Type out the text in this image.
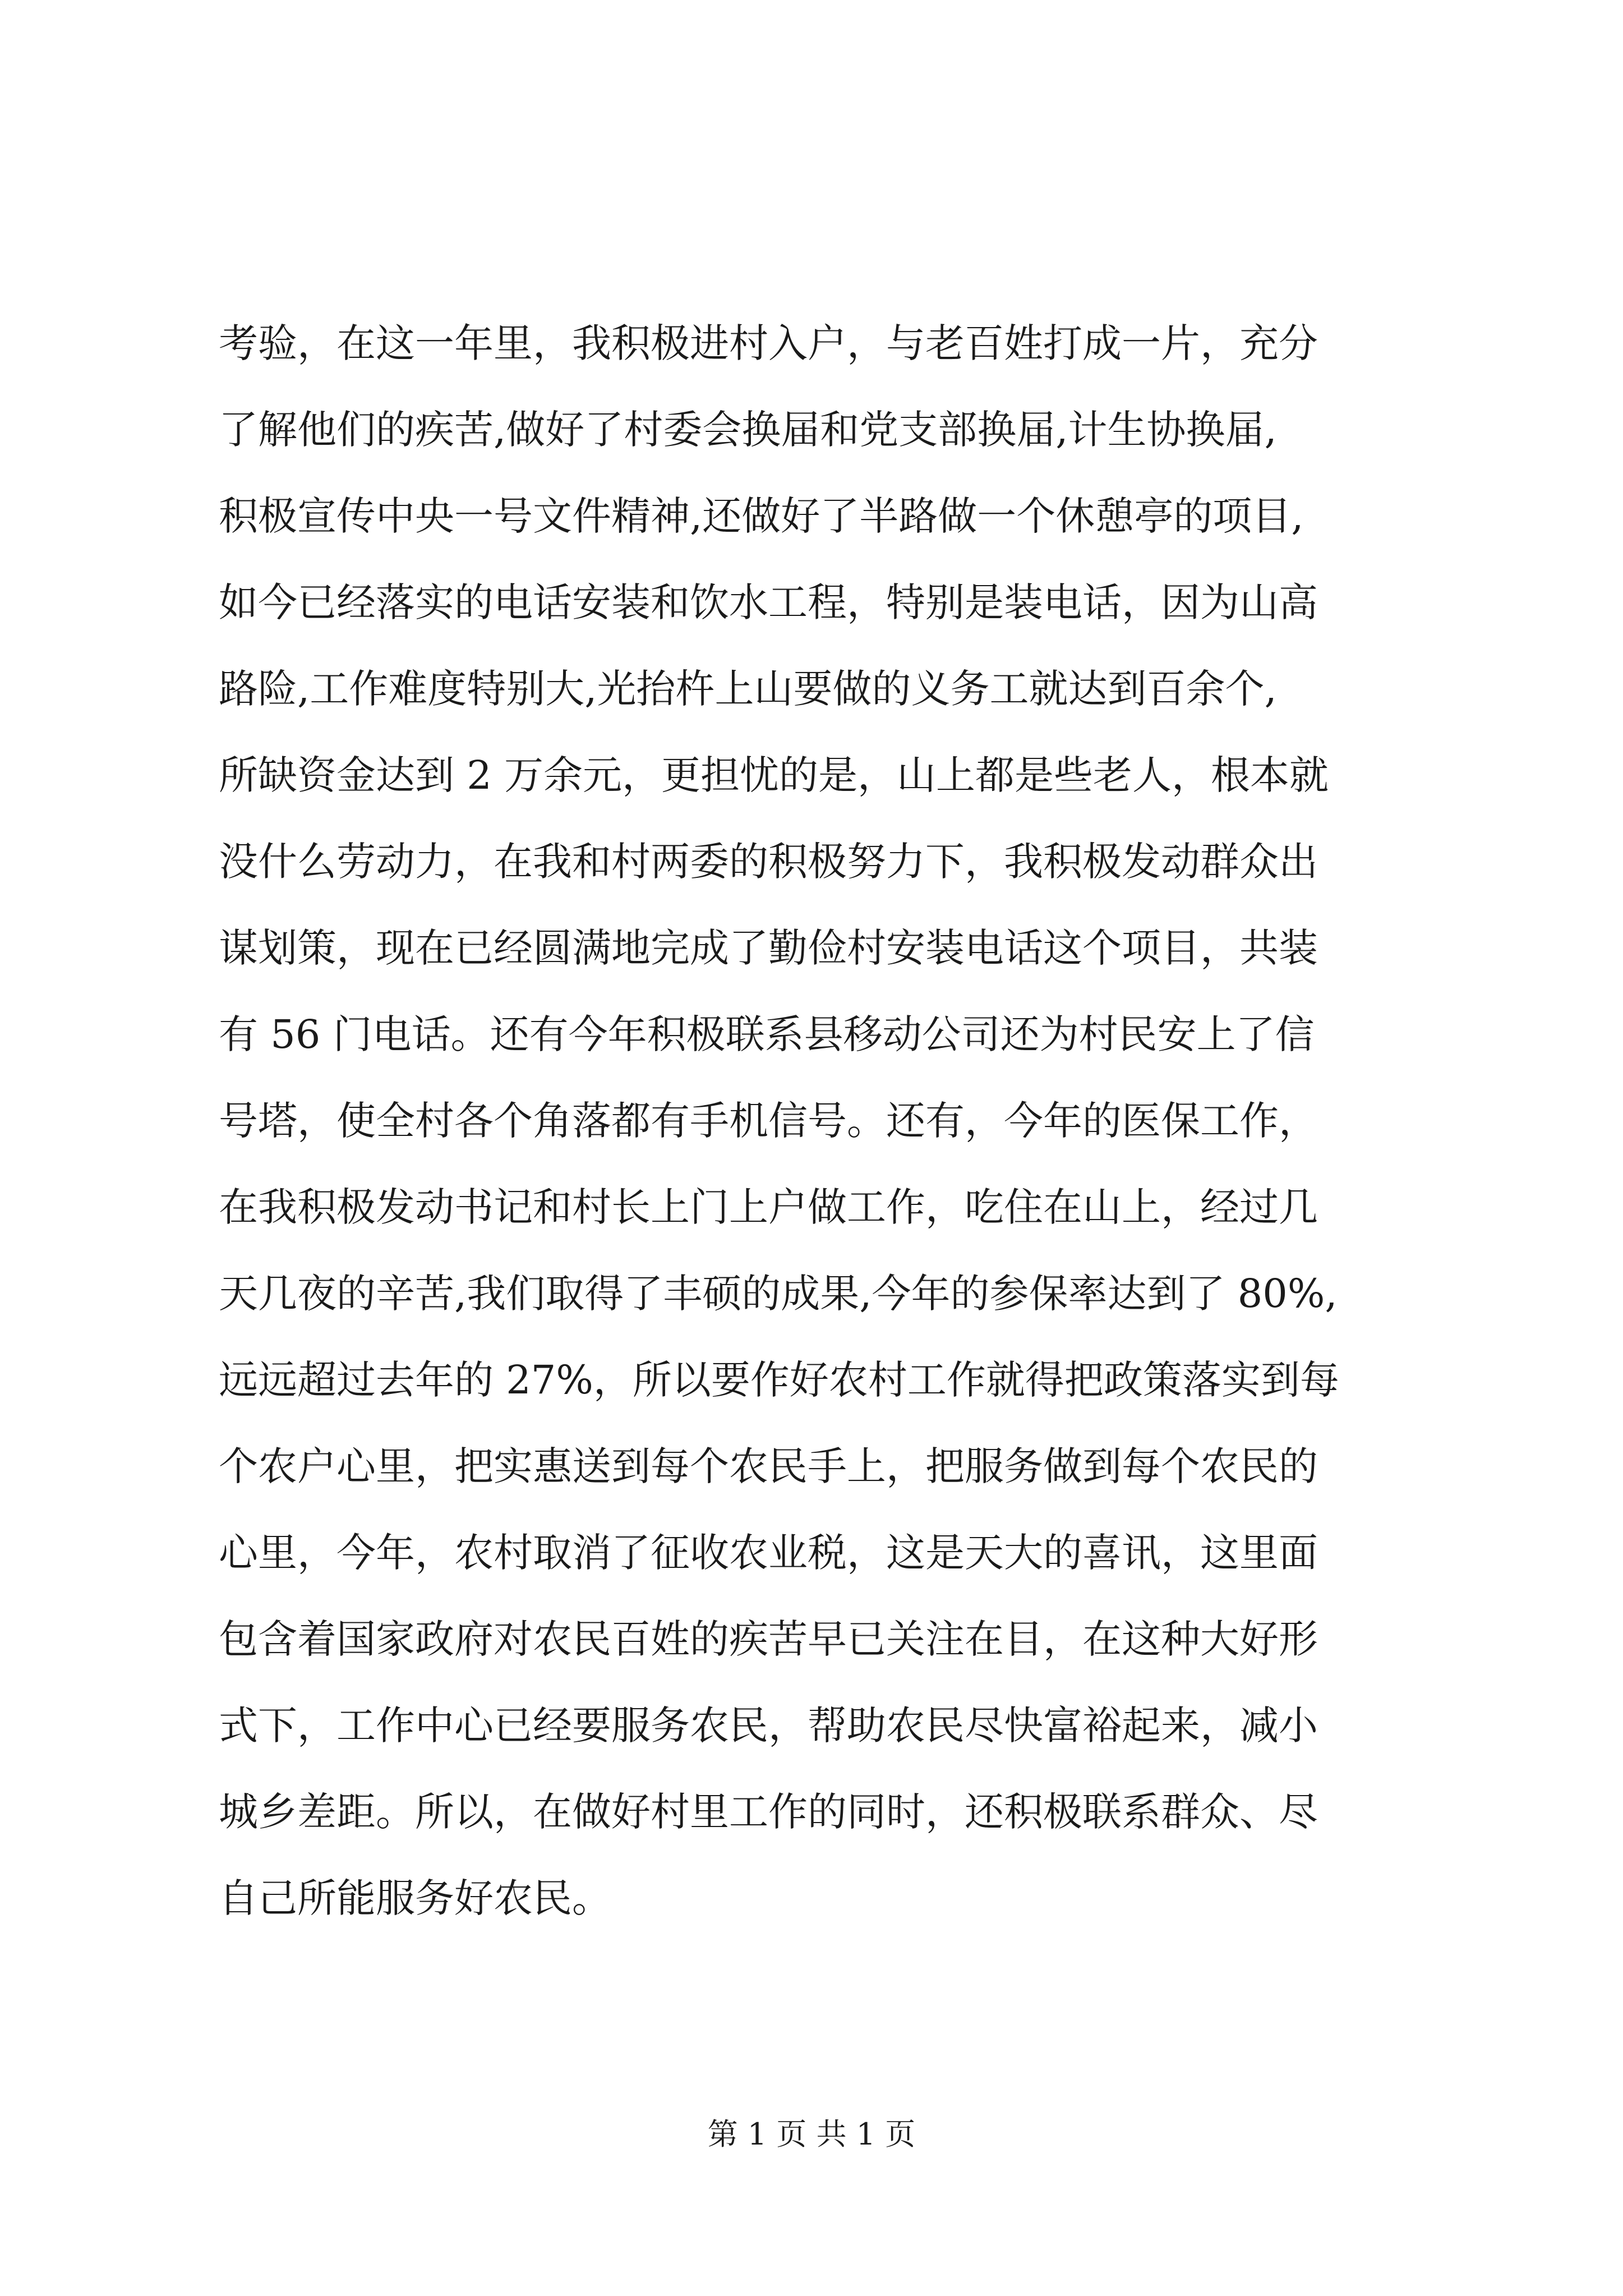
考验，在这一年里，我积极进村入户，与老百姓打成一片，充分
了解他们的疾苦,做好了村委会换届和党支部换届,计生协换届,
积极宣传中央一号文件精神,还做好了半路做一个休憩亭的项目,
如今已经落实的电话安装和饮水工程，特别是装电话，因为山高
路险,工作难度特别大,光抬杵上山要做的义务工就达到百余个,
所缺资金达到 2 万余元，更担忧的是，山上都是些老人，根本就
没什么劳动力，在我和村两委的积极努力下，我积极发动群众出
谋划策，现在已经圆满地完成了勤俭村安装电话这个项目，共装
有 56 门电话。还有今年积极联系县移动公司还为村民安上了信
号塔，使全村各个角落都有手机信号。还有，今年的医保工作，
在我积极发动书记和村长上门上户做工作，吃住在山上，经过几
天几夜的辛苦,我们取得了丰硕的成果,今年的参保率达到了 80%,
远远超过去年的 27%，所以要作好农村工作就得把政策落实到每
个农户心里，把实惠送到每个农民手上，把服务做到每个农民的
心里，今年，农村取消了征收农业税，这是天大的喜讯，这里面
包含着国家政府对农民百姓的疾苦早已关注在目，在这种大好形
式下，工作中心已经要服务农民，帮助农民尽快富裕起来，减小
城乡差距。所以，在做好村里工作的同时，还积极联系群众、尽
自己所能服务好农民。
第 1 页 共 1 页
